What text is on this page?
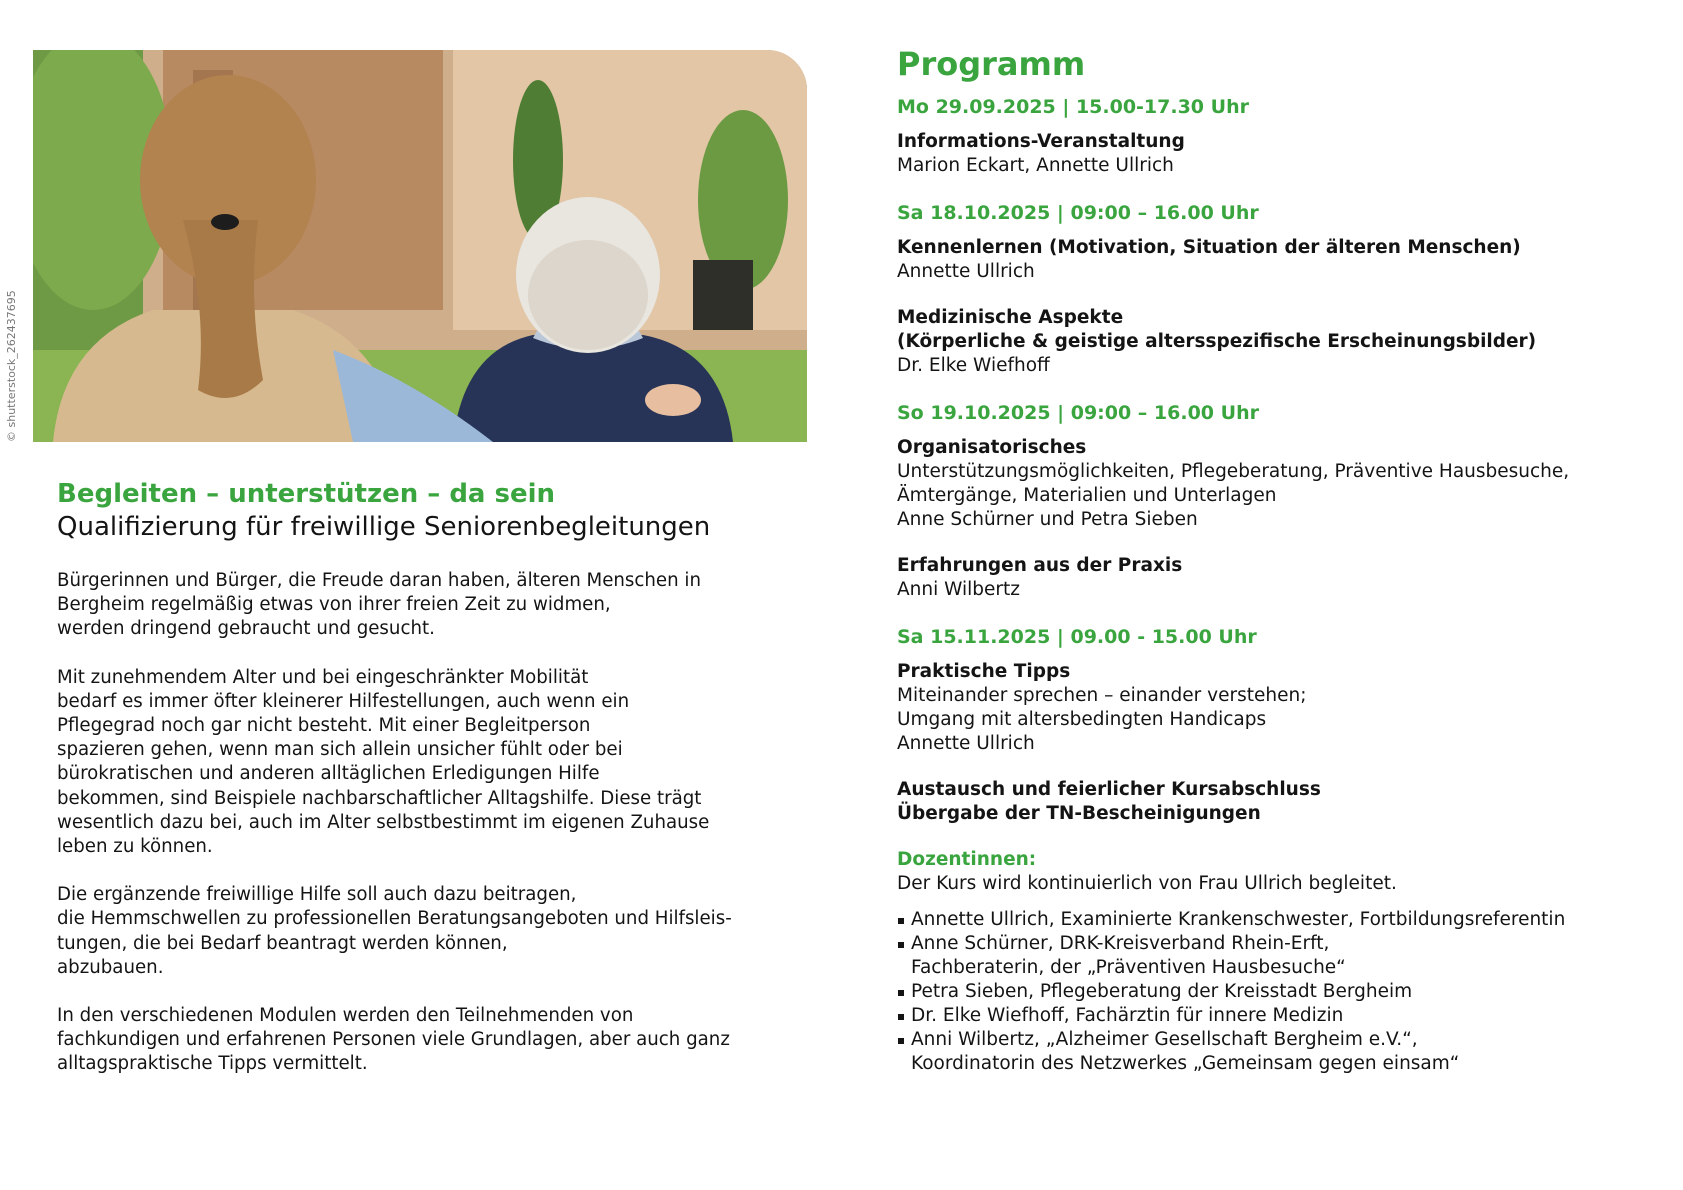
© shutterstock_262437695
Begleiten – unterstützen – da sein
Qualifizierung für freiwillige Seniorenbegleitungen

Bürgerinnen und Bürger, die Freude daran haben, älteren Menschen in
Bergheim regelmäßig etwas von ihrer freien Zeit zu widmen,
werden dringend gebraucht und gesucht.

Mit zunehmendem Alter und bei eingeschränkter Mobilität
bedarf es immer öfter kleinerer Hilfestellungen, auch wenn ein
Pflegegrad noch gar nicht besteht. Mit einer Begleitperson
spazieren gehen, wenn man sich allein unsicher fühlt oder bei
bürokratischen und anderen alltäglichen Erledigungen Hilfe
bekommen, sind Beispiele nachbarschaftlicher Alltagshilfe. Diese trägt
wesentlich dazu bei, auch im Alter selbstbestimmt im eigenen Zuhause
leben zu können.

Die ergänzende freiwillige Hilfe soll auch dazu beitragen,
die Hemmschwellen zu professionellen Beratungsangeboten und Hilfsleis-
tungen, die bei Bedarf beantragt werden können,
abzubauen.

In den verschiedenen Modulen werden den Teilnehmenden von
fachkundigen und erfahrenen Personen viele Grundlagen, aber auch ganz
alltagspraktische Tipps vermittelt.

Programm
Mo 29.09.2025 | 15.00-17.30 Uhr
Informations-Veranstaltung
Marion Eckart, Annette Ullrich
Sa 18.10.2025 | 09:00 – 16.00 Uhr
Kennenlernen (Motivation, Situation der älteren Menschen)
Annette Ullrich
Medizinische Aspekte
(Körperliche & geistige altersspezifische Erscheinungsbilder)
Dr. Elke Wiefhoff
So 19.10.2025 | 09:00 – 16.00 Uhr
Organisatorisches
Unterstützungsmöglichkeiten, Pflegeberatung, Präventive Hausbesuche,
Ämtergänge, Materialien und Unterlagen
Anne Schürner und Petra Sieben
Erfahrungen aus der Praxis
Anni Wilbertz
Sa 15.11.2025 | 09.00 - 15.00 Uhr
Praktische Tipps
Miteinander sprechen – einander verstehen;
Umgang mit altersbedingten Handicaps
Annette Ullrich
Austausch und feierlicher Kursabschluss
Übergabe der TN-Bescheinigungen
Dozentinnen:
Der Kurs wird kontinuierlich von Frau Ullrich begleitet.
Annette Ullrich, Examinierte Krankenschwester, Fortbildungsreferentin
Anne Schürner, DRK-Kreisverband Rhein-Erft,
Fachberaterin, der „Präventiven Hausbesuche“
Petra Sieben, Pflegeberatung der Kreisstadt Bergheim
Dr. Elke Wiefhoff, Fachärztin für innere Medizin
Anni Wilbertz, „Alzheimer Gesellschaft Bergheim e.V.“,
Koordinatorin des Netzwerkes „Gemeinsam gegen einsam“
